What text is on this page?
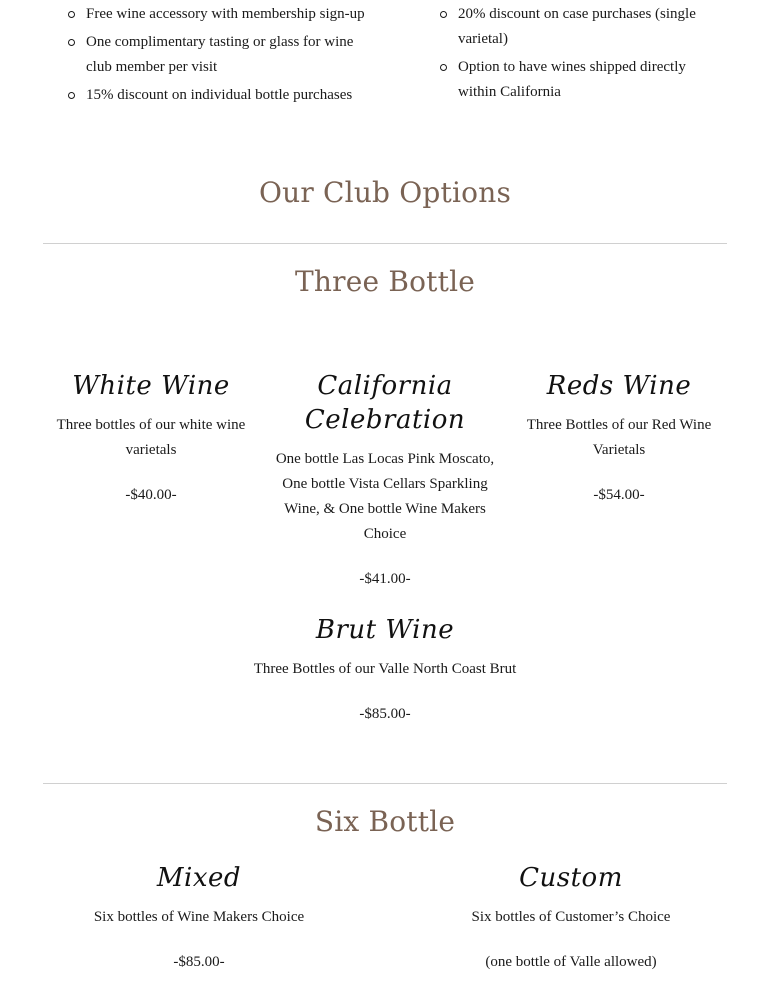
Free wine accessory with membership sign-up
One complimentary tasting or glass for wine club member per visit
15% discount on individual bottle purchases
20% discount on case purchases (single varietal)
Option to have wines shipped directly within California
Our Club Options
Three Bottle
White Wine
Three bottles of our white wine varietals
-$40.00-
California Celebration
One bottle Las Locas Pink Moscato, One bottle Vista Cellars Sparkling Wine, & One bottle Wine Makers Choice
-$41.00-
Reds Wine
Three Bottles of our Red Wine Varietals
-$54.00-
Brut Wine
Three Bottles of our Valle North Coast Brut
-$85.00-
Six Bottle
Mixed
Six bottles of Wine Makers Choice
-$85.00-
Custom
Six bottles of Customer’s Choice
(one bottle of Valle allowed)
